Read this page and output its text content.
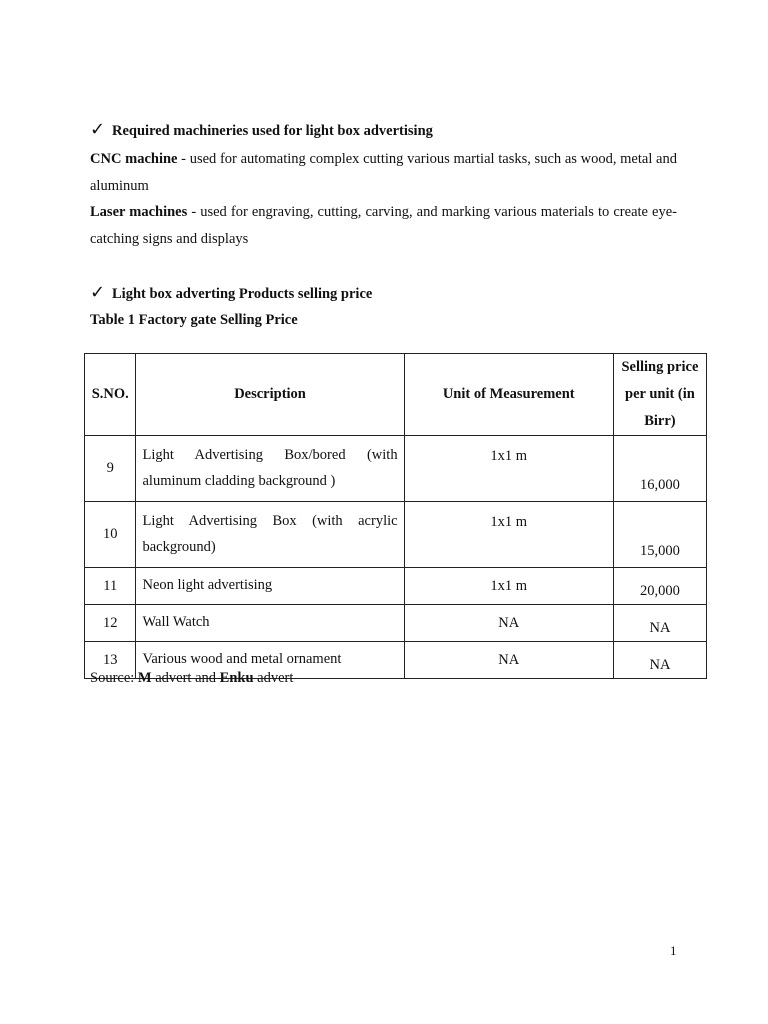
✓ Required machineries used for light box advertising
CNC machine - used for automating complex cutting various martial tasks, such as wood, metal and aluminum
Laser machines - used for engraving, cutting, carving, and marking various materials to create eye-catching signs and displays
✓ Light box adverting Products selling price
Table 1 Factory gate Selling Price
S.NO.	Description	Unit of Measurement	Selling price per unit (in Birr)
9	Light Advertising Box/bored (with aluminum cladding background )	1x1 m	16,000
10	Light Advertising Box (with acrylic background)	1x1 m	15,000
11	Neon light advertising	1x1 m	20,000
12	Wall Watch	NA	NA
13	Various wood and metal ornament	NA	NA
Source: M advert and Enku advert
1
